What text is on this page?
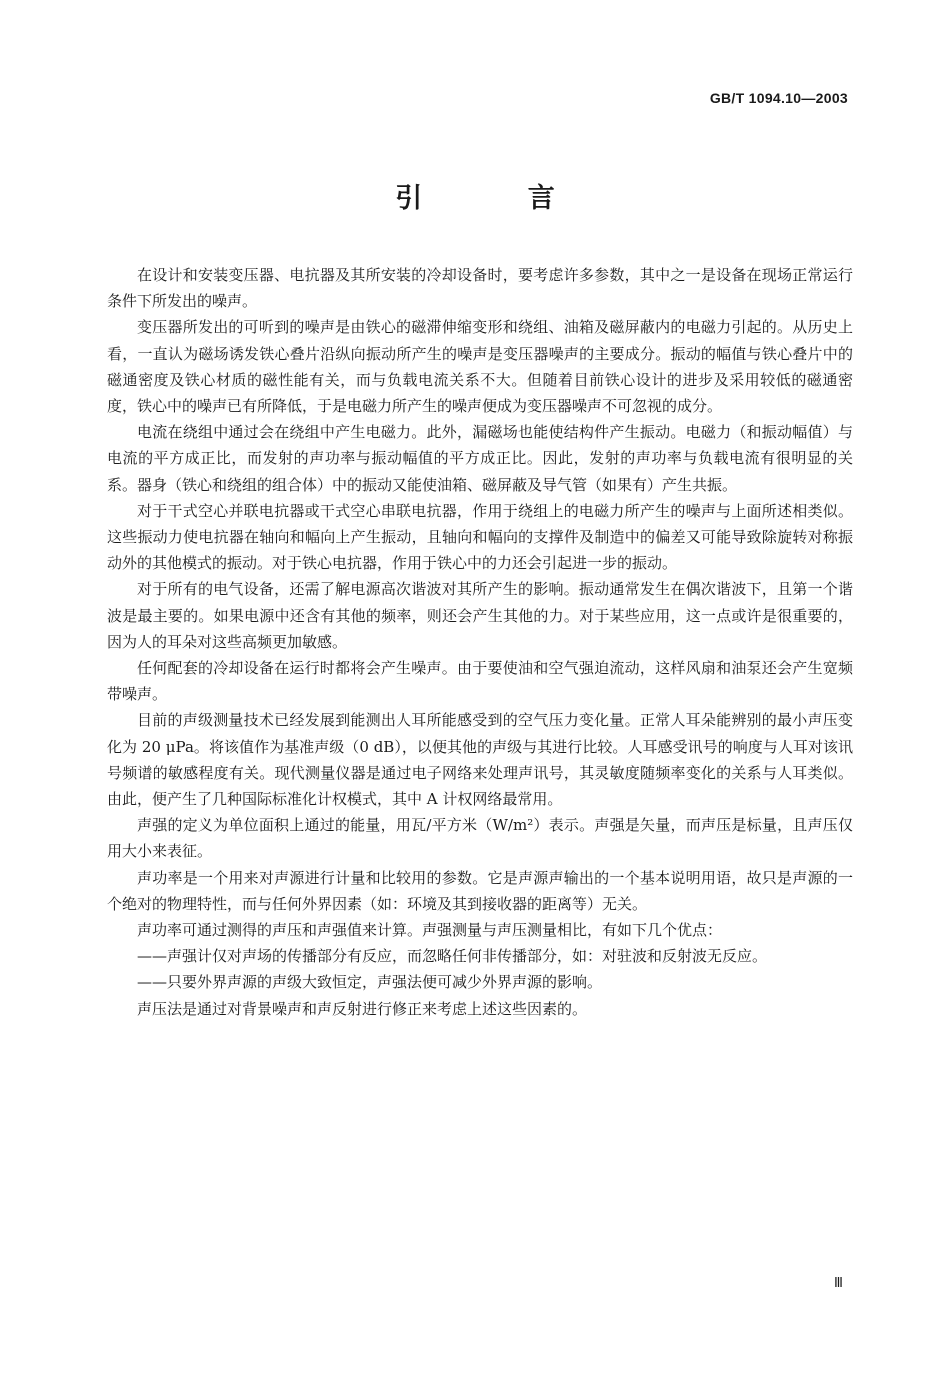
GB/T 1094.10—2003
引 言

在设计和安装变压器、电抗器及其所安装的冷却设备时，要考虑许多参数，其中之一是设备在现场正常运行条件下所发出的噪声。

变压器所发出的可听到的噪声是由铁心的磁滞伸缩变形和绕组、油箱及磁屏蔽内的电磁力引起的。从历史上看，一直认为磁场诱发铁心叠片沿纵向振动所产生的噪声是变压器噪声的主要成分。振动的幅值与铁心叠片中的磁通密度及铁心材质的磁性能有关，而与负载电流关系不大。但随着目前铁心设计的进步及采用较低的磁通密度，铁心中的噪声已有所降低，于是电磁力所产生的噪声便成为变压器噪声不可忽视的成分。

电流在绕组中通过会在绕组中产生电磁力。此外，漏磁场也能使结构件产生振动。电磁力（和振动幅值）与电流的平方成正比，而发射的声功率与振动幅值的平方成正比。因此，发射的声功率与负载电流有很明显的关系。器身（铁心和绕组的组合体）中的振动又能使油箱、磁屏蔽及导气管（如果有）产生共振。

对于干式空心并联电抗器或干式空心串联电抗器，作用于绕组上的电磁力所产生的噪声与上面所述相类似。这些振动力使电抗器在轴向和幅向上产生振动，且轴向和幅向的支撑件及制造中的偏差又可能导致除旋转对称振动外的其他模式的振动。对于铁心电抗器，作用于铁心中的力还会引起进一步的振动。

对于所有的电气设备，还需了解电源高次谐波对其所产生的影响。振动通常发生在偶次谐波下，且第一个谐波是最主要的。如果电源中还含有其他的频率，则还会产生其他的力。对于某些应用，这一点或许是很重要的，因为人的耳朵对这些高频更加敏感。

任何配套的冷却设备在运行时都将会产生噪声。由于要使油和空气强迫流动，这样风扇和油泵还会产生宽频带噪声。

目前的声级测量技术已经发展到能测出人耳所能感受到的空气压力变化量。正常人耳朵能辨别的最小声压变化为 20 μPa。将该值作为基准声级（0 dB），以便其他的声级与其进行比较。人耳感受讯号的响度与人耳对该讯号频谱的敏感程度有关。现代测量仪器是通过电子网络来处理声讯号，其灵敏度随频率变化的关系与人耳类似。由此，便产生了几种国际标准化计权模式，其中 A 计权网络最常用。

声强的定义为单位面积上通过的能量，用瓦/平方米（W/m²）表示。声强是矢量，而声压是标量，且声压仅用大小来表征。

声功率是一个用来对声源进行计量和比较用的参数。它是声源声输出的一个基本说明用语，故只是声源的一个绝对的物理特性，而与任何外界因素（如：环境及其到接收器的距离等）无关。

声功率可通过测得的声压和声强值来计算。声强测量与声压测量相比，有如下几个优点：

——声强计仅对声场的传播部分有反应，而忽略任何非传播部分，如：对驻波和反射波无反应。

——只要外界声源的声级大致恒定，声强法便可减少外界声源的影响。

声压法是通过对背景噪声和声反射进行修正来考虑上述这些因素的。

Ⅲ
